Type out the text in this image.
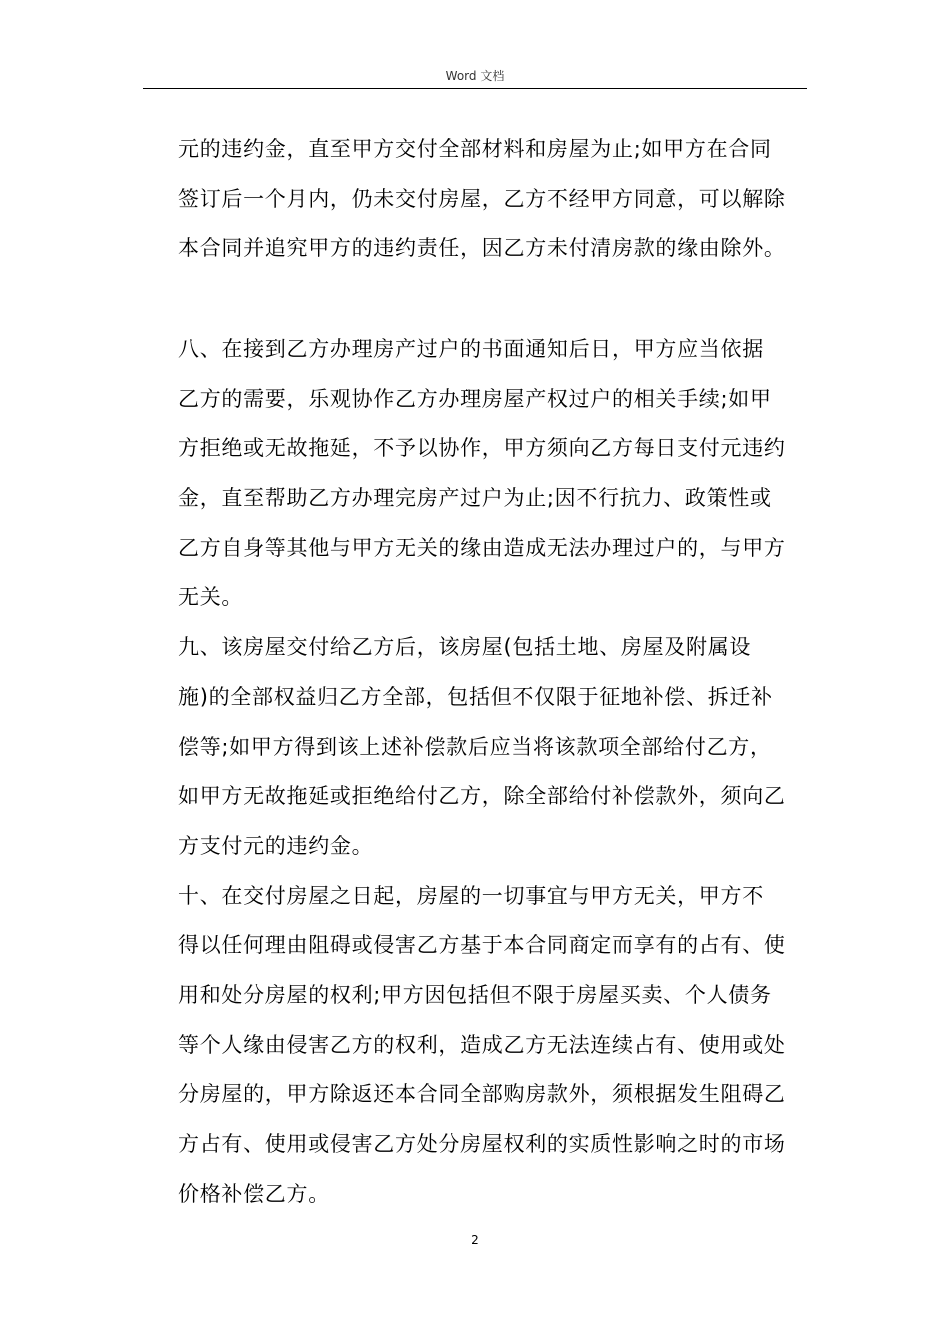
Word 文档
元的违约金，直至甲方交付全部材料和房屋为止;如甲方在合同
签订后一个月内，仍未交付房屋，乙方不经甲方同意，可以解除
本合同并追究甲方的违约责任，因乙方未付清房款的缘由除外。
八、在接到乙方办理房产过户的书面通知后日，甲方应当依据
乙方的需要，乐观协作乙方办理房屋产权过户的相关手续;如甲
方拒绝或无故拖延，不予以协作，甲方须向乙方每日支付元违约
金，直至帮助乙方办理完房产过户为止;因不行抗力、政策性或
乙方自身等其他与甲方无关的缘由造成无法办理过户的，与甲方
无关。
九、该房屋交付给乙方后，该房屋(包括土地、房屋及附属设
施)的全部权益归乙方全部，包括但不仅限于征地补偿、拆迁补
偿等;如甲方得到该上述补偿款后应当将该款项全部给付乙方，
如甲方无故拖延或拒绝给付乙方，除全部给付补偿款外，须向乙
方支付元的违约金。
十、在交付房屋之日起，房屋的一切事宜与甲方无关，甲方不
得以任何理由阻碍或侵害乙方基于本合同商定而享有的占有、使
用和处分房屋的权利;甲方因包括但不限于房屋买卖、个人债务
等个人缘由侵害乙方的权利，造成乙方无法连续占有、使用或处
分房屋的，甲方除返还本合同全部购房款外，须根据发生阻碍乙
方占有、使用或侵害乙方处分房屋权利的实质性影响之时的市场
价格补偿乙方。
2
